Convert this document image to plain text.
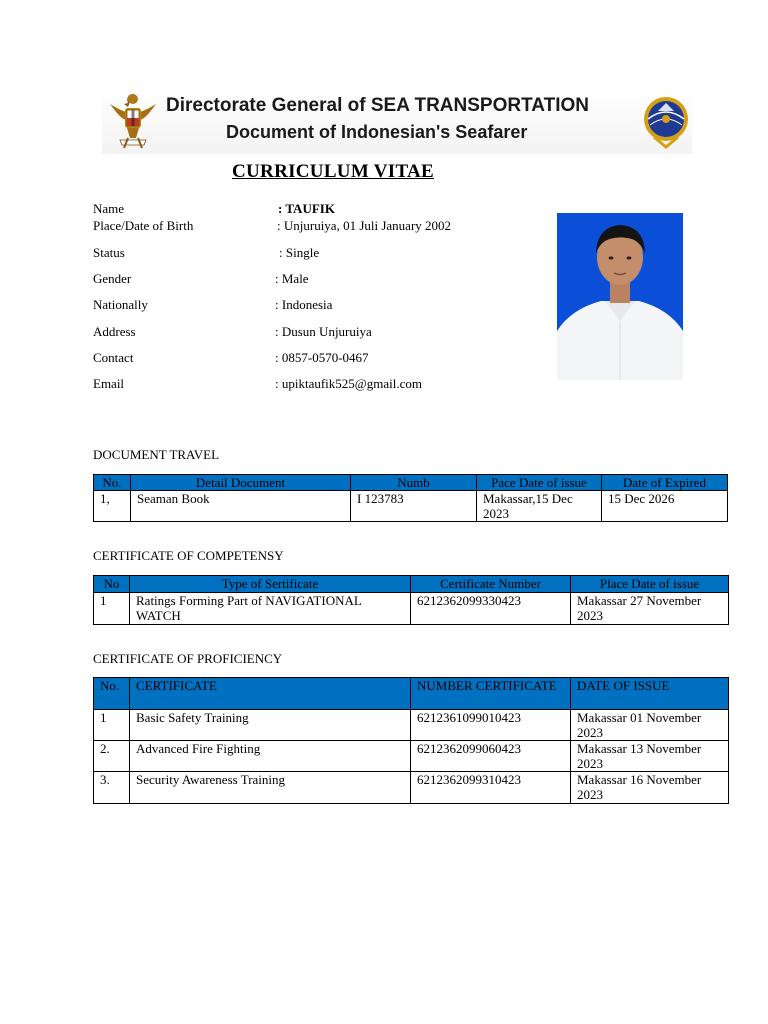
Directorate General of SEA TRANSPORTATION
Document of Indonesian's Seafarer
CURRICULUM VITAE
Name	: TAUFIK
Place/Date of Birth	: Unjuruiya, 01 Juli January 2002
Status	: Single
Gender	: Male
Nationally	: Indonesia
Address	: Dusun Unjuruiya
Contact	: 0857-0570-0467
Email	: upiktaufik525@gmail.com
DOCUMENT TRAVEL
No.	Detail Document	Numb	Pace Date of issue	Date of Expired
1,	Seaman Book	I 123783	Makassar,15 Dec 2023	15 Dec 2026
CERTIFICATE OF COMPETENSY
No	Type of Sertificate	Certificate Number	Place Date of issue
1	Ratings Forming Part of NAVIGATIONAL WATCH	6212362099330423	Makassar 27 November 2023
CERTIFICATE OF PROFICIENCY
No.	CERTIFICATE	NUMBER CERTIFICATE	DATE OF ISSUE
1	Basic Safety Training	6212361099010423	Makassar 01 November 2023
2.	Advanced Fire Fighting	6212362099060423	Makassar 13 November 2023
3.	Security Awareness Training	6212362099310423	Makassar 16 November 2023
